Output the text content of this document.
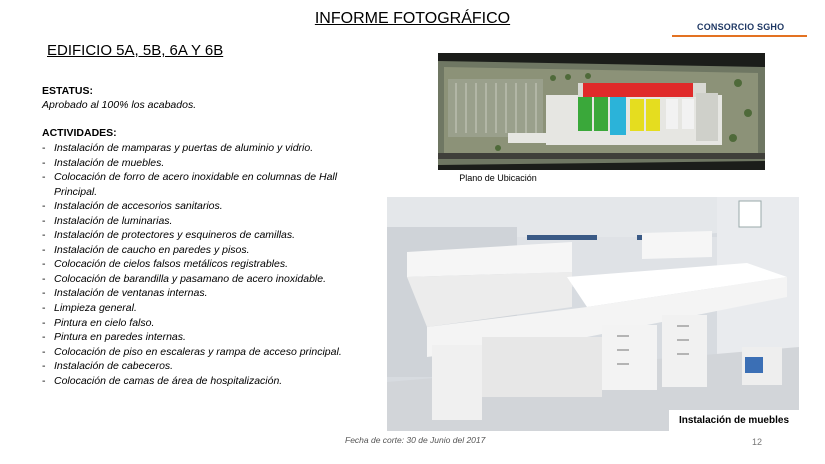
INFORME FOTOGRÁFICO	CONSORCIO SGHO
EDIFICIO 5A, 5B, 6A Y 6B
ESTATUS:
Aprobado al 100% los acabados.
ACTIVIDADES:
- Instalación de mamparas y puertas de aluminio y vidrio.
- Instalación de muebles.
- Colocación de forro de acero inoxidable en columnas de Hall Principal.
- Instalación de accesorios sanitarios.
- Instalación de luminarias.
- Instalación de protectores y esquineros de camillas.
- Instalación de caucho en paredes y pisos.
- Colocación de cielos falsos metálicos registrables.
- Colocación de barandilla y pasamano de acero inoxidable.
- Instalación de ventanas internas.
- Limpieza general.
- Pintura en cielo falso.
- Pintura en paredes internas.
- Colocación de piso en escaleras y rampa de acceso principal.
- Instalación de cabeceros.
- Colocación de camas de área de hospitalización.
Plano de Ubicación
Instalación de muebles
Fecha de corte: 30 de Junio del 2017	12
